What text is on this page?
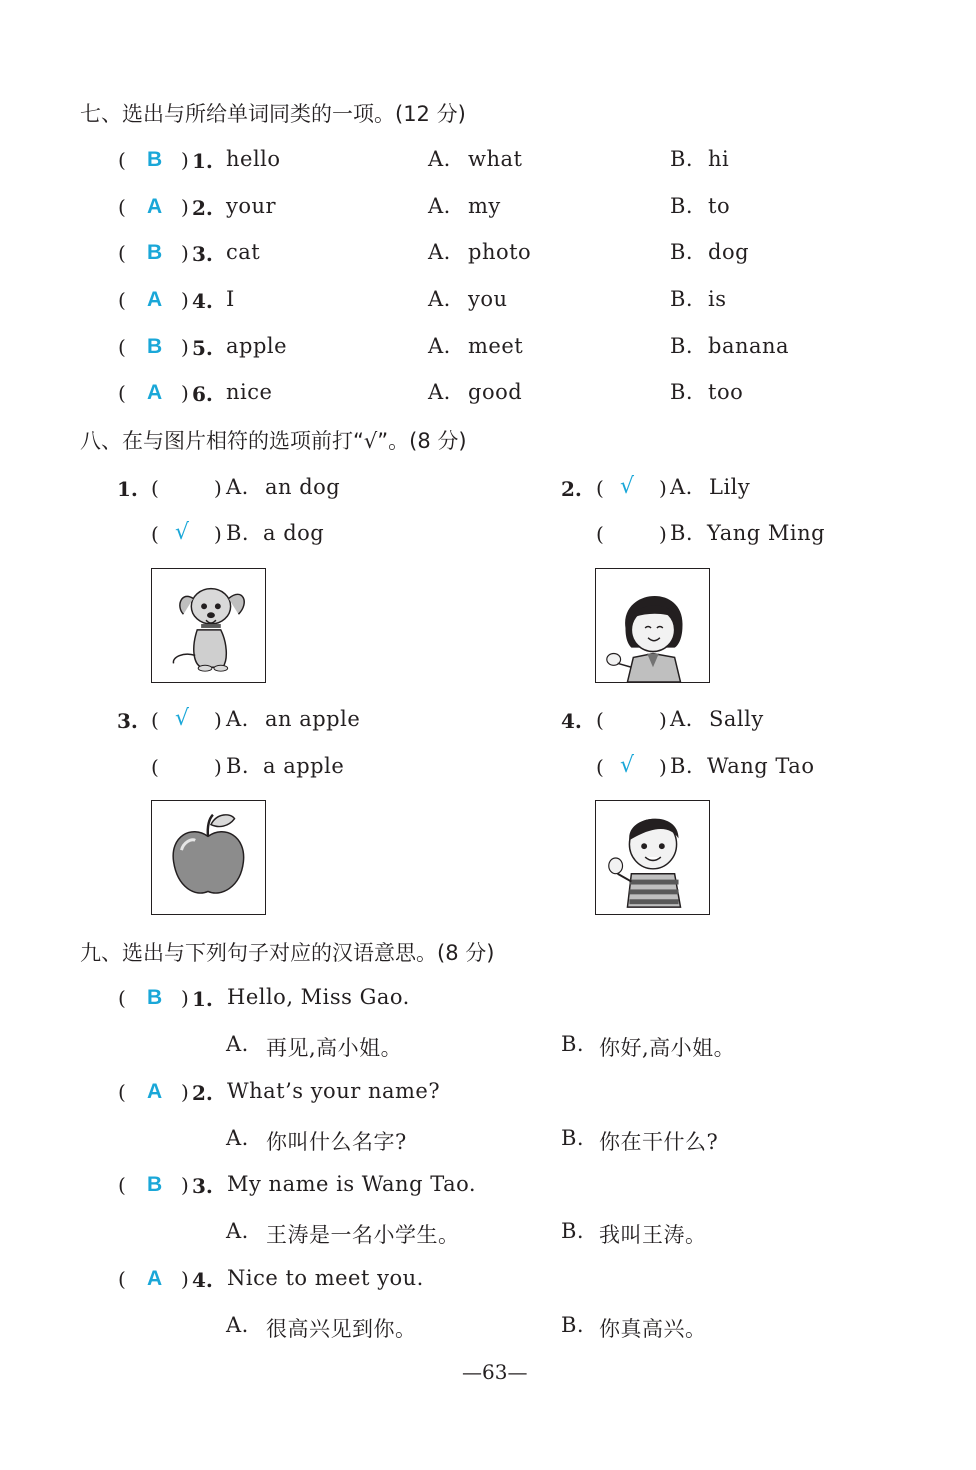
七、选出与所给单词同类的一项。(12 分)
( B ) 1. hello	A. what	B. hi
( A ) 2. your	A. my	B. to
( B ) 3. cat	A. photo	B. dog
( A ) 4. I	A. you	B. is
( B ) 5. apple	A. meet	B. banana
( A ) 6. nice	A. good	B. too
八、在与图片相符的选项前打“√”。(8 分)
1. (	) A. an dog
( √ ) B. a dog
2. ( √ ) A. Lily
(	) B. Yang Ming
3. ( √ ) A. an apple
(	) B. a apple
4. (	) A. Sally
( √ ) B. Wang Tao
九、选出与下列句子对应的汉语意思。(8 分)
( B ) 1. Hello, Miss Gao.
A. 再见,高小姐。	B. 你好,高小姐。
( A ) 2. What’s your name?
A. 你叫什么名字?	B. 你在干什么?
( B ) 3. My name is Wang Tao.
A. 王涛是一名小学生。	B. 我叫王涛。
( A ) 4. Nice to meet you.
A. 很高兴见到你。	B. 你真高兴。
—63—
